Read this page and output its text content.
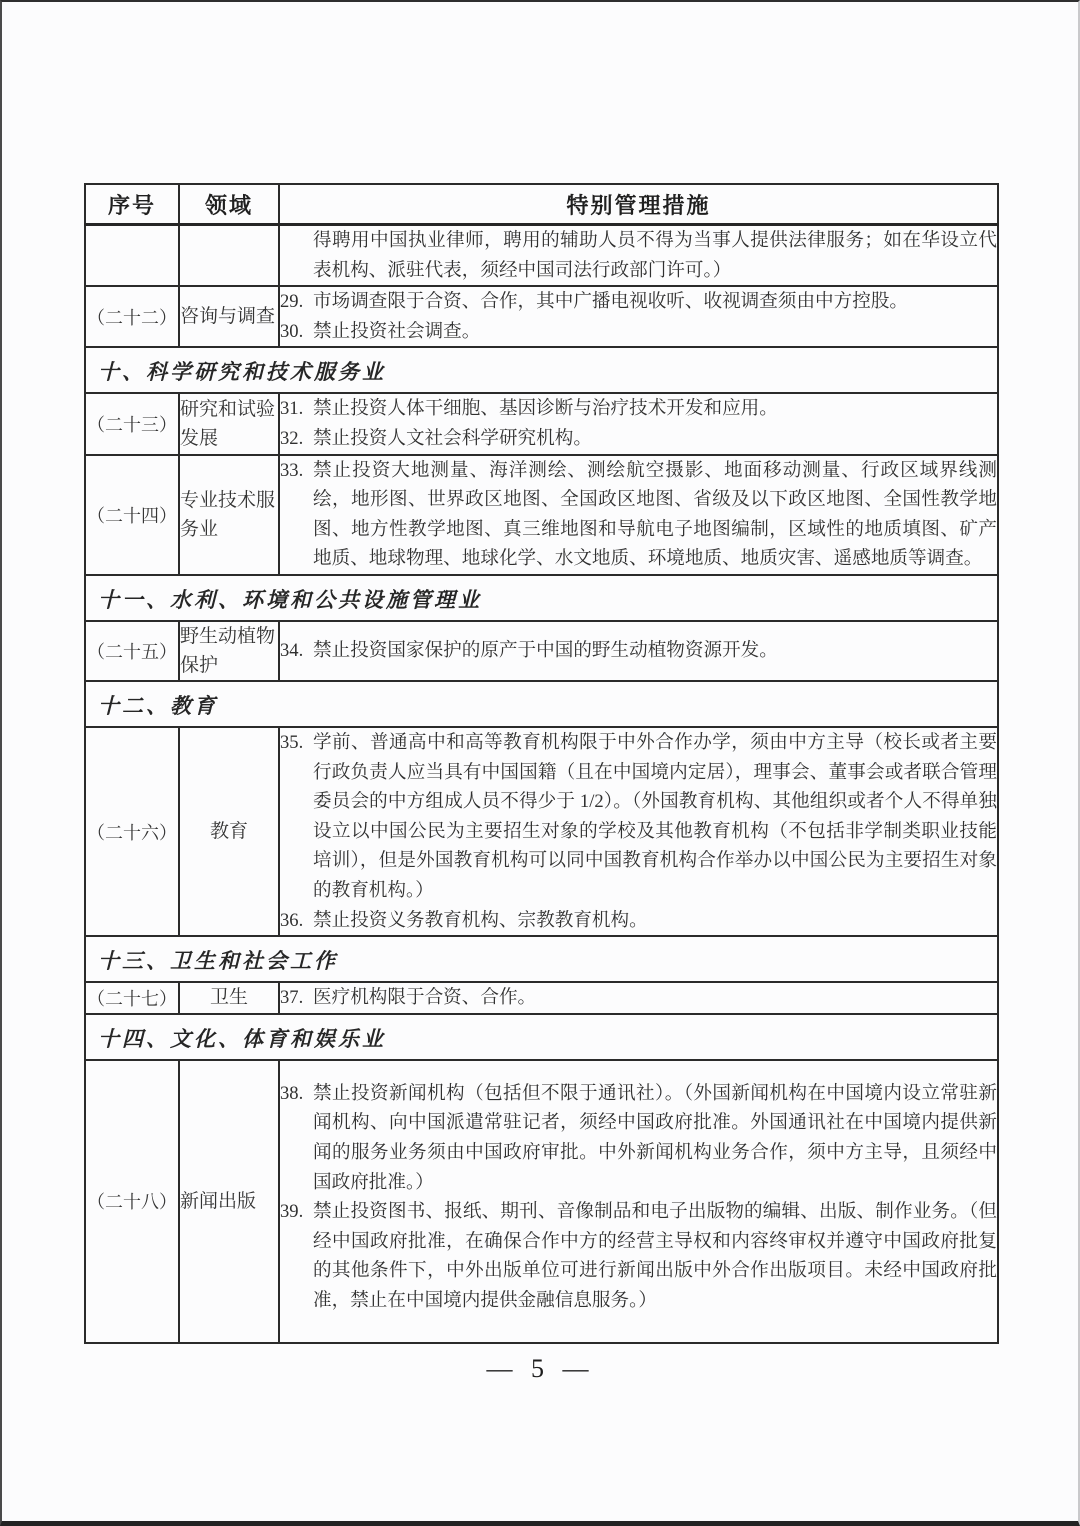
序号	领域	特别管理措施

		得聘用中国执业律师，聘用的辅助人员不得为当事人提供法律服务；如在华设立代表机构、派驻代表，须经中国司法行政部门许可。）

（二十二）	咨询与调查	29. 市场调查限于合资、合作，其中广播电视收听、收视调查须由中方控股。
30. 禁止投资社会调查。

十、科学研究和技术服务业		
（二十三）	研究和试验发展	31. 禁止投资人体干细胞、基因诊断与治疗技术开发和应用。
32. 禁止投资人文社会科学研究机构。

（二十四）	专业技术服务业	33. 禁止投资大地测量、海洋测绘、测绘航空摄影、地面移动测量、行政区域界线测绘，地形图、世界政区地图、全国政区地图、省级及以下政区地图、全国性教学地图、地方性教学地图、真三维地图和导航电子地图编制，区域性的地质填图、矿产地质、地球物理、地球化学、水文地质、环境地质、地质灾害、遥感地质等调查。

十一、水利、环境和公共设施管理业		
（二十五）	野生动植物保护	34. 禁止投资国家保护的原产于中国的野生动植物资源开发。

十二、教育		
（二十六）	教育	35. 学前、普通高中和高等教育机构限于中外合作办学，须由中方主导（校长或者主要行政负责人应当具有中国国籍（且在中国境内定居），理事会、董事会或者联合管理委员会的中方组成人员不得少于 1/2）。（外国教育机构、其他组织或者个人不得单独设立以中国公民为主要招生对象的学校及其他教育机构（不包括非学制类职业技能培训），但是外国教育机构可以同中国教育机构合作举办以中国公民为主要招生对象的教育机构。）
36. 禁止投资义务教育机构、宗教教育机构。

十三、卫生和社会工作		
（二十七）	卫生	37. 医疗机构限于合资、合作。

十四、文化、体育和娱乐业		
（二十八）	新闻出版	38. 禁止投资新闻机构（包括但不限于通讯社）。（外国新闻机构在中国境内设立常驻新闻机构、向中国派遣常驻记者，须经中国政府批准。外国通讯社在中国境内提供新闻的服务业务须由中国政府审批。中外新闻机构业务合作，须中方主导，且须经中国政府批准。）
39. 禁止投资图书、报纸、期刊、音像制品和电子出版物的编辑、出版、制作业务。（但经中国政府批准，在确保合作中方的经营主导权和内容终审权并遵守中国政府批复的其他条件下，中外出版单位可进行新闻出版中外合作出版项目。未经中国政府批准，禁止在中国境内提供金融信息服务。）
— 5 —
